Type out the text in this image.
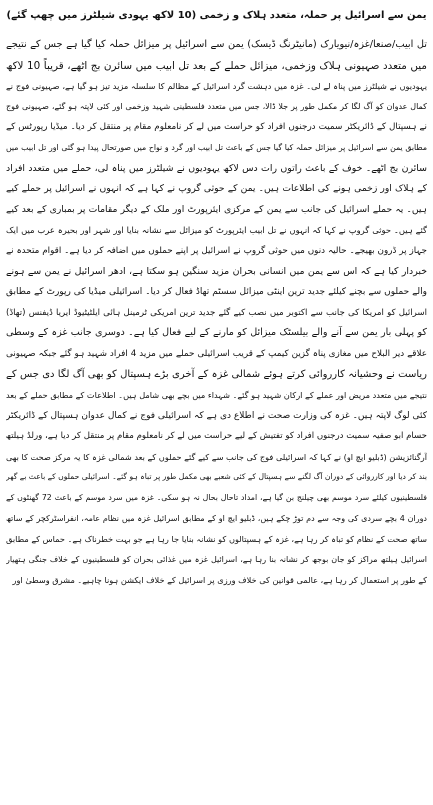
یمن سے اسرائیل پر حملہ، متعدد ہلاک و زخمی (10 لاکھ یہودی شیلٹرز میں چھپ گئے)
تل ابیب/صنعا/غزہ/نیویارک (مانیٹرنگ ڈیسک) یمن سے اسرائیل پر میزائل حملہ کیا گیا ہے جس کے نتیجے
میں متعدد صہیونی ہلاک وزخمی، میزائل حملے کے بعد تل ابیب میں سائرن بج اٹھے، قریباً 10 لاکھ
یہودیوں نے شیلٹرز میں پناہ لے لی۔ غزہ میں دہشت گرد اسرائیل کے مظالم کا سلسلہ مزید تیز ہو گیا ہے، صہیونی فوج نے
کمال عدوان کو آگ لگا کر مکمل طور پر جلا ڈالا، جس میں متعدد فلسطینی شہید وزخمی اور کئی لاپتہ ہو گئے، صہیونی فوج
نے ہسپتال کے ڈائریکٹر سمیت درجنوں افراد کو حراست میں لے کر نامعلوم مقام پر منتقل کر دیا۔ میڈیا رپورٹس کے
مطابق یمن سے اسرائیل پر میزائل حملہ کیا گیا جس کے باعث تل ابیب اور گرد و نواح میں صورتحال پیدا ہو گئی اور تل ابیب میں
سائرن بج اٹھے۔ خوف کے باعث راتوں رات دس لاکھ یہودیوں نے شیلٹرز میں پناہ لی، حملے میں متعدد افراد
کے ہلاک اور زخمی ہونے کی اطلاعات ہیں۔ یمن کے حوثی گروپ نے کہا ہے کہ انہوں نے اسرائیل پر حملے کیے
ہیں۔ یہ حملے اسرائیل کی جانب سے یمن کے مرکزی ایئرپورٹ اور ملک کے دیگر مقامات پر بمباری کے بعد کیے
گئے ہیں۔ حوثی گروپ نے کہا کہ انہوں نے تل ابیب ایئرپورٹ کو میزائل سے نشانہ بنایا اور شہر اور بحیرہ عرب میں ایک
جہاز پر ڈرون بھیجے۔ حالیہ دنوں میں حوثی گروپ نے اسرائیل پر اپنے حملوں میں اضافہ کر دیا ہے۔ اقوام متحدہ نے
خبردار کیا ہے کہ اس سے یمن میں انسانی بحران مزید سنگین ہو سکتا ہے، ادھر اسرائیل نے یمن سے ہونے
والے حملوں سے بچنے کیلئے جدید ترین اینٹی میزائل سسٹم تھاڈ فعال کر دیا۔ اسرائیلی میڈیا کی رپورٹ کے مطابق
اسرائیل کو امریکا کی جانب سے اکتوبر میں نصب کیے گئے جدید ترین امریکی ٹرمینل ہائی ایلٹیٹیوڈ ایریا ڈیفنس (تھاڈ)
کو پہلی بار یمن سے آنے والے بیلسٹک میزائل کو مارنے کے لیے فعال کیا ہے۔ دوسری جانب غزہ کے وسطی
علاقے دیر البلاح میں مغازی پناہ گزین کیمپ کے قریب اسرائیلی حملے میں مزید 4 افراد شہید ہو گئے جبکہ صہیونی
ریاست نے وحشیانہ کارروائی کرتے ہوئے شمالی غزہ کے آخری بڑے ہسپتال کو بھی آگ لگا دی جس کے
نتیجے میں متعدد مریض اور عملے کے ارکان شہید ہو گئے۔ شہداء میں بچے بھی شامل ہیں۔ اطلاعات کے مطابق حملے کے بعد
کئی لوگ لاپتہ ہیں۔ غزہ کی وزارت صحت نے اطلاع دی ہے کہ اسرائیلی فوج نے کمال عدوان ہسپتال کے ڈائریکٹر
حسام ابو صفیہ سمیت درجنوں افراد کو تفتیش کے لیے حراست میں لے کر نامعلوم مقام پر منتقل کر دیا ہے، ورلڈ ہیلتھ
آرگنائزیشن (ڈبلیو ایچ او) نے کہا کہ اسرائیلی فوج کی جانب سے کیے گئے حملوں کے بعد شمالی غزہ کا یہ مرکز صحت کا بھی
بند کر دیا اور کارروائی کے دوران آگ لگنے سے ہسپتال کے کئی شعبے بھی مکمل طور پر تباہ ہو گئے۔ اسرائیلی حملوں کے باعث بے گھر
فلسطینیوں کیلئے سرد موسم بھی چیلنج بن گیا ہے، امداد تاحال بحال نہ ہو سکی۔ غزہ میں سرد موسم کے باعث 72 گھنٹوں کے
دوران 4 بچے سردی کی وجہ سے دم توڑ چکے ہیں، ڈبلیو ایچ او کے مطابق اسرائیل غزہ میں نظام عامہ، انفراسٹرکچر کے ساتھ
ساتھ صحت کے نظام کو تباہ کر رہا ہے، غزہ کے ہسپتالوں کو نشانہ بنایا جا رہا ہے جو بہت خطرناک ہے۔ حماس کے مطابق
اسرائیل ہیلتھ مراکز کو جان بوجھ کر نشانہ بنا رہا ہے، اسرائیل غزہ میں غذائی بحران کو فلسطینیوں کے خلاف جنگی ہتھیار
کے طور پر استعمال کر رہا ہے، عالمی قوانین کی خلاف ورزی پر اسرائیل کے خلاف ایکشن ہونا چاہیے۔ مشرق وسطیٰ اور
